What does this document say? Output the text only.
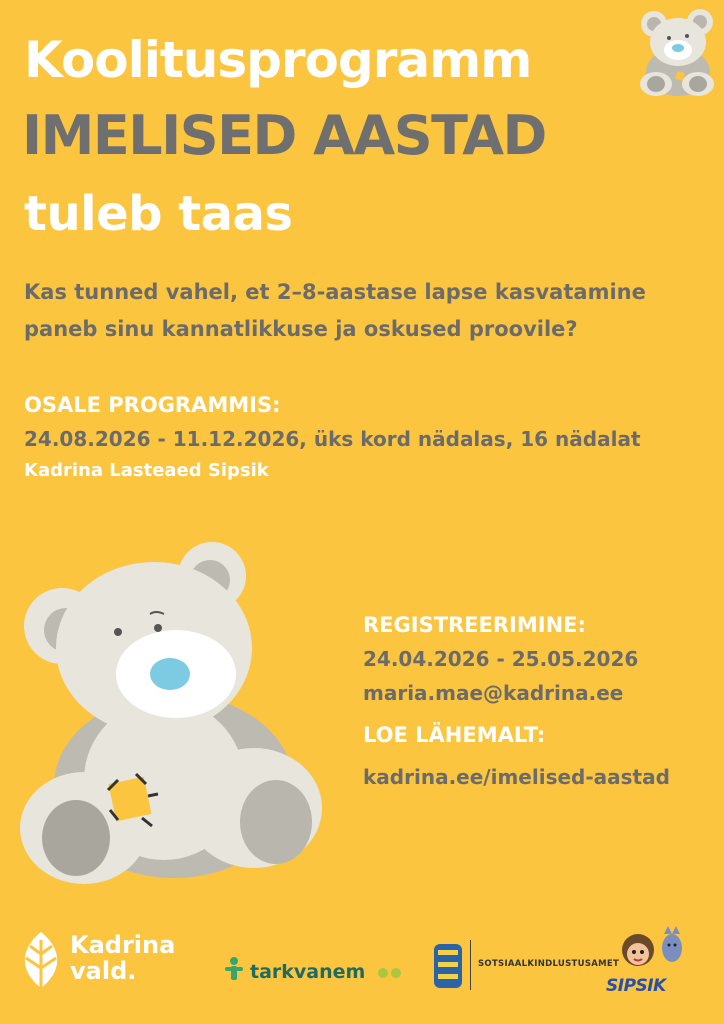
Koolitusprogramm
IMELISED AASTAD
tuleb taas
Kas tunned vahel, et 2–8-aastase lapse kasvatamine paneb sinu kannatlikkuse ja oskused proovile?
OSALE PROGRAMMIS:
24.08.2026 - 11.12.2026, üks kord nädalas, 16 nädalat
Kadrina Lasteaed Sipsik
REGISTREERIMINE:
24.04.2026 - 25.05.2026
maria.mae@kadrina.ee
LOE LÄHEMALT:
kadrina.ee/imelised-aastad
Kadrina
vald.	tarkvanem	SOTSIAALKINDLUSTUSAMET
SIPSIK
